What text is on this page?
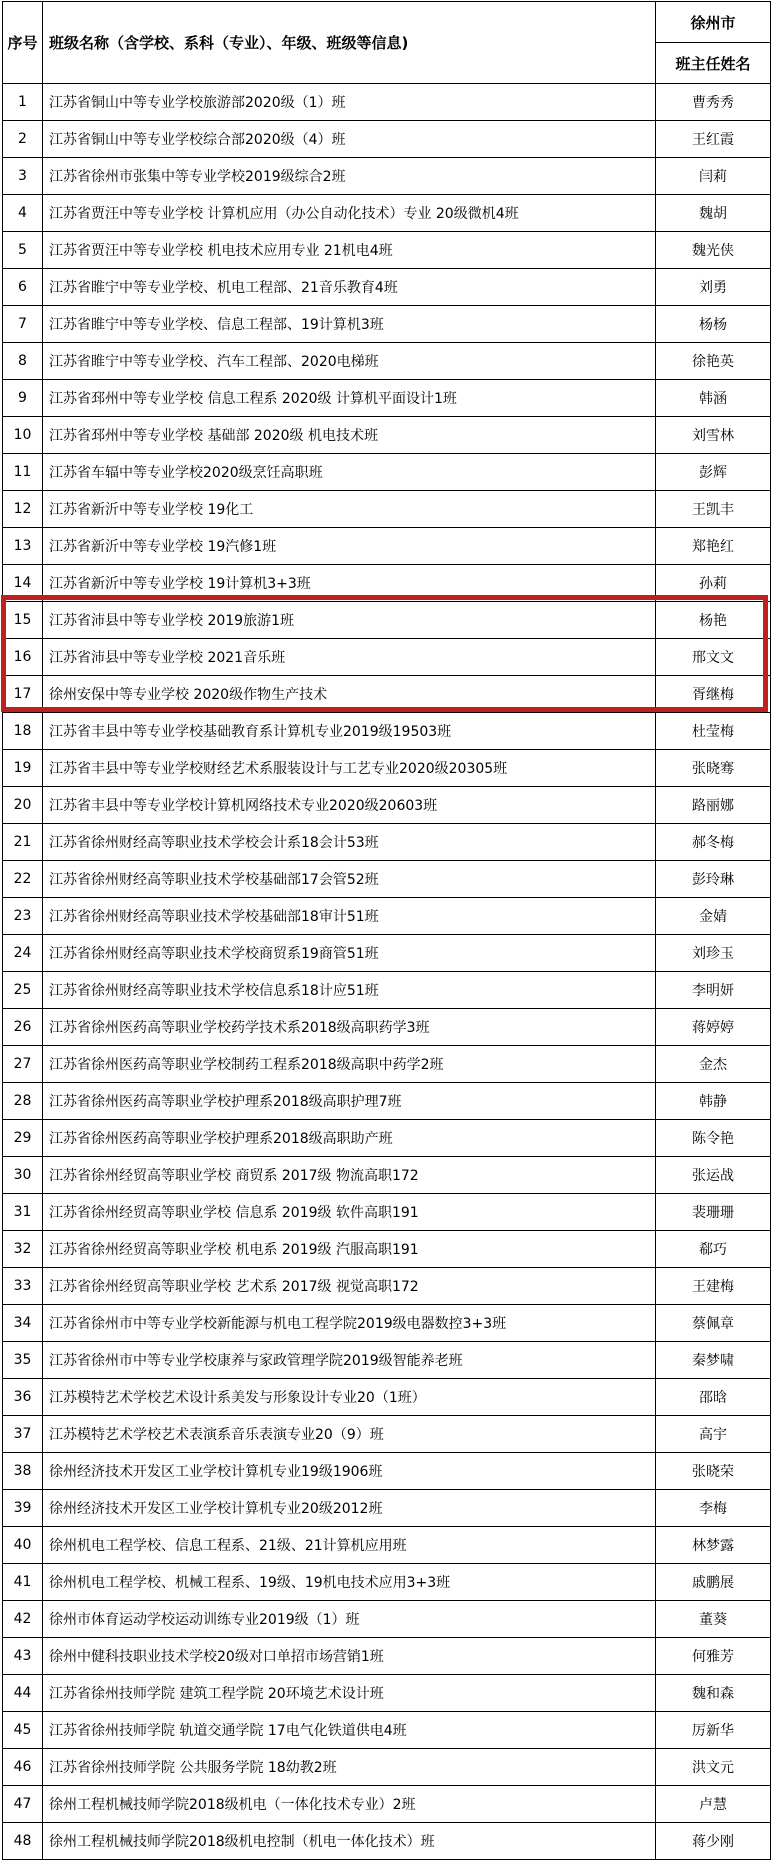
序号	班级名称（含学校、系科（专业）、年级、班级等信息)	徐州市
		班主任姓名
1	江苏省铜山中等专业学校旅游部2020级（1）班	曹秀秀
2	江苏省铜山中等专业学校综合部2020级（4）班	王红霞
3	江苏省徐州市张集中等专业学校2019级综合2班	闫莉
4	江苏省贾汪中等专业学校 计算机应用（办公自动化技术）专业 20级微机4班	魏胡
5	江苏省贾汪中等专业学校 机电技术应用专业 21机电4班	魏光侠
6	江苏省睢宁中等专业学校、机电工程部、21音乐教育4班	刘勇
7	江苏省睢宁中等专业学校、信息工程部、19计算机3班	杨杨
8	江苏省睢宁中等专业学校、汽车工程部、2020电梯班	徐艳英
9	江苏省邳州中等专业学校 信息工程系 2020级 计算机平面设计1班	韩涵
10	江苏省邳州中等专业学校 基础部 2020级 机电技术班	刘雪林
11	江苏省车辐中等专业学校2020级烹饪高职班	彭辉
12	江苏省新沂中等专业学校 19化工	王凯丰
13	江苏省新沂中等专业学校 19汽修1班	郑艳红
14	江苏省新沂中等专业学校 19计算机3+3班	孙莉
15	江苏省沛县中等专业学校 2019旅游1班	杨艳
16	江苏省沛县中等专业学校 2021音乐班	邢文文
17	徐州安保中等专业学校 2020级作物生产技术	胥继梅
18	江苏省丰县中等专业学校基础教育系计算机专业2019级19503班	杜莹梅
19	江苏省丰县中等专业学校财经艺术系服装设计与工艺专业2020级20305班	张晓骞
20	江苏省丰县中等专业学校计算机网络技术专业2020级20603班	路丽娜
21	江苏省徐州财经高等职业技术学校会计系18会计53班	郝冬梅
22	江苏省徐州财经高等职业技术学校基础部17会管52班	彭玲琳
23	江苏省徐州财经高等职业技术学校基础部18审计51班	金婧
24	江苏省徐州财经高等职业技术学校商贸系19商管51班	刘珍玉
25	江苏省徐州财经高等职业技术学校信息系18计应51班	李明妍
26	江苏省徐州医药高等职业学校药学技术系2018级高职药学3班	蒋婷婷
27	江苏省徐州医药高等职业学校制药工程系2018级高职中药学2班	金杰
28	江苏省徐州医药高等职业学校护理系2018级高职护理7班	韩静
29	江苏省徐州医药高等职业学校护理系2018级高职助产班	陈令艳
30	江苏省徐州经贸高等职业学校 商贸系 2017级 物流高职172	张运战
31	江苏省徐州经贸高等职业学校 信息系 2019级 软件高职191	裴珊珊
32	江苏省徐州经贸高等职业学校 机电系 2019级 汽服高职191	郗巧
33	江苏省徐州经贸高等职业学校 艺术系 2017级 视觉高职172	王建梅
34	江苏省徐州市中等专业学校新能源与机电工程学院2019级电器数控3+3班	蔡佩章
35	江苏省徐州市中等专业学校康养与家政管理学院2019级智能养老班	秦梦啸
36	江苏模特艺术学校艺术设计系美发与形象设计专业20（1班）	邵晗
37	江苏模特艺术学校艺术表演系音乐表演专业20（9）班	高宇
38	徐州经济技术开发区工业学校计算机专业19级1906班	张晓荣
39	徐州经济技术开发区工业学校计算机专业20级2012班	李梅
40	徐州机电工程学校、信息工程系、21级、21计算机应用班	林梦露
41	徐州机电工程学校、机械工程系、19级、19机电技术应用3+3班	戚鹏展
42	徐州市体育运动学校运动训练专业2019级（1）班	董葵
43	徐州中健科技职业技术学校20级对口单招市场营销1班	何雅芳
44	江苏省徐州技师学院 建筑工程学院 20环境艺术设计班	魏和森
45	江苏省徐州技师学院 轨道交通学院 17电气化铁道供电4班	厉新华
46	江苏省徐州技师学院 公共服务学院 18幼教2班	洪文元
47	徐州工程机械技师学院2018级机电（一体化技术专业）2班	卢慧
48	徐州工程机械技师学院2018级机电控制（机电一体化技术）班	蒋少刚
